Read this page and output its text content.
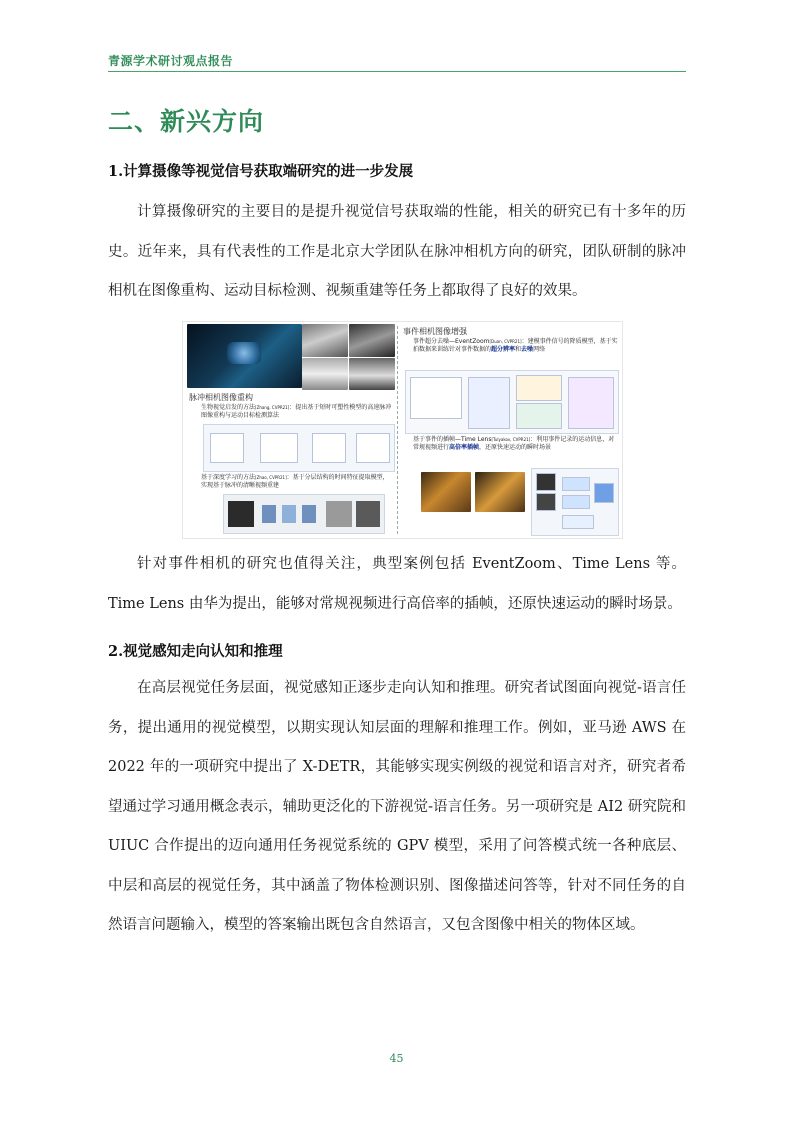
青源学术研讨观点报告
二、新兴方向
1.计算摄像等视觉信号获取端研究的进一步发展
计算摄像研究的主要目的是提升视觉信号获取端的性能，相关的研究已有十多年的历史。近年来，具有代表性的工作是北京大学团队在脉冲相机方向的研究，团队研制的脉冲相机在图像重构、运动目标检测、视频重建等任务上都取得了良好的效果。
脉冲相机图像重构
生物视觉启发的方法[Zhang, CVPR21]：提出基于短时可塑性模型的高速脉冲图像重构与运动目标检测算法
基于深度学习的方法[Zhao, CVPR21]：基于分层结构的时间特征提取模型，实现基于脉冲的清晰视频重建
事件相机图像增强
事件超分去噪—EventZoom[Duan, CVPR21]：建模事件信号的降质模型，基于实拍数据来训练针对事件数据的超分辨率和去噪网络
基于事件的插帧—Time Lens[Tulyakov, CVPR21]：利用事件记录的运动信息，对常规视频进行高倍率插帧，还原快速运动的瞬时场景
针对事件相机的研究也值得关注，典型案例包括 EventZoom、Time Lens 等。Time Lens 由华为提出，能够对常规视频进行高倍率的插帧，还原快速运动的瞬时场景。
2.视觉感知走向认知和推理
在高层视觉任务层面，视觉感知正逐步走向认知和推理。研究者试图面向视觉-语言任务，提出通用的视觉模型，以期实现认知层面的理解和推理工作。例如，亚马逊 AWS 在 2022 年的一项研究中提出了 X-DETR，其能够实现实例级的视觉和语言对齐，研究者希望通过学习通用概念表示，辅助更泛化的下游视觉-语言任务。另一项研究是 AI2 研究院和 UIUC 合作提出的迈向通用任务视觉系统的 GPV 模型，采用了问答模式统一各种底层、中层和高层的视觉任务，其中涵盖了物体检测识别、图像描述问答等，针对不同任务的自然语言问题输入，模型的答案输出既包含自然语言，又包含图像中相关的物体区域。
45
